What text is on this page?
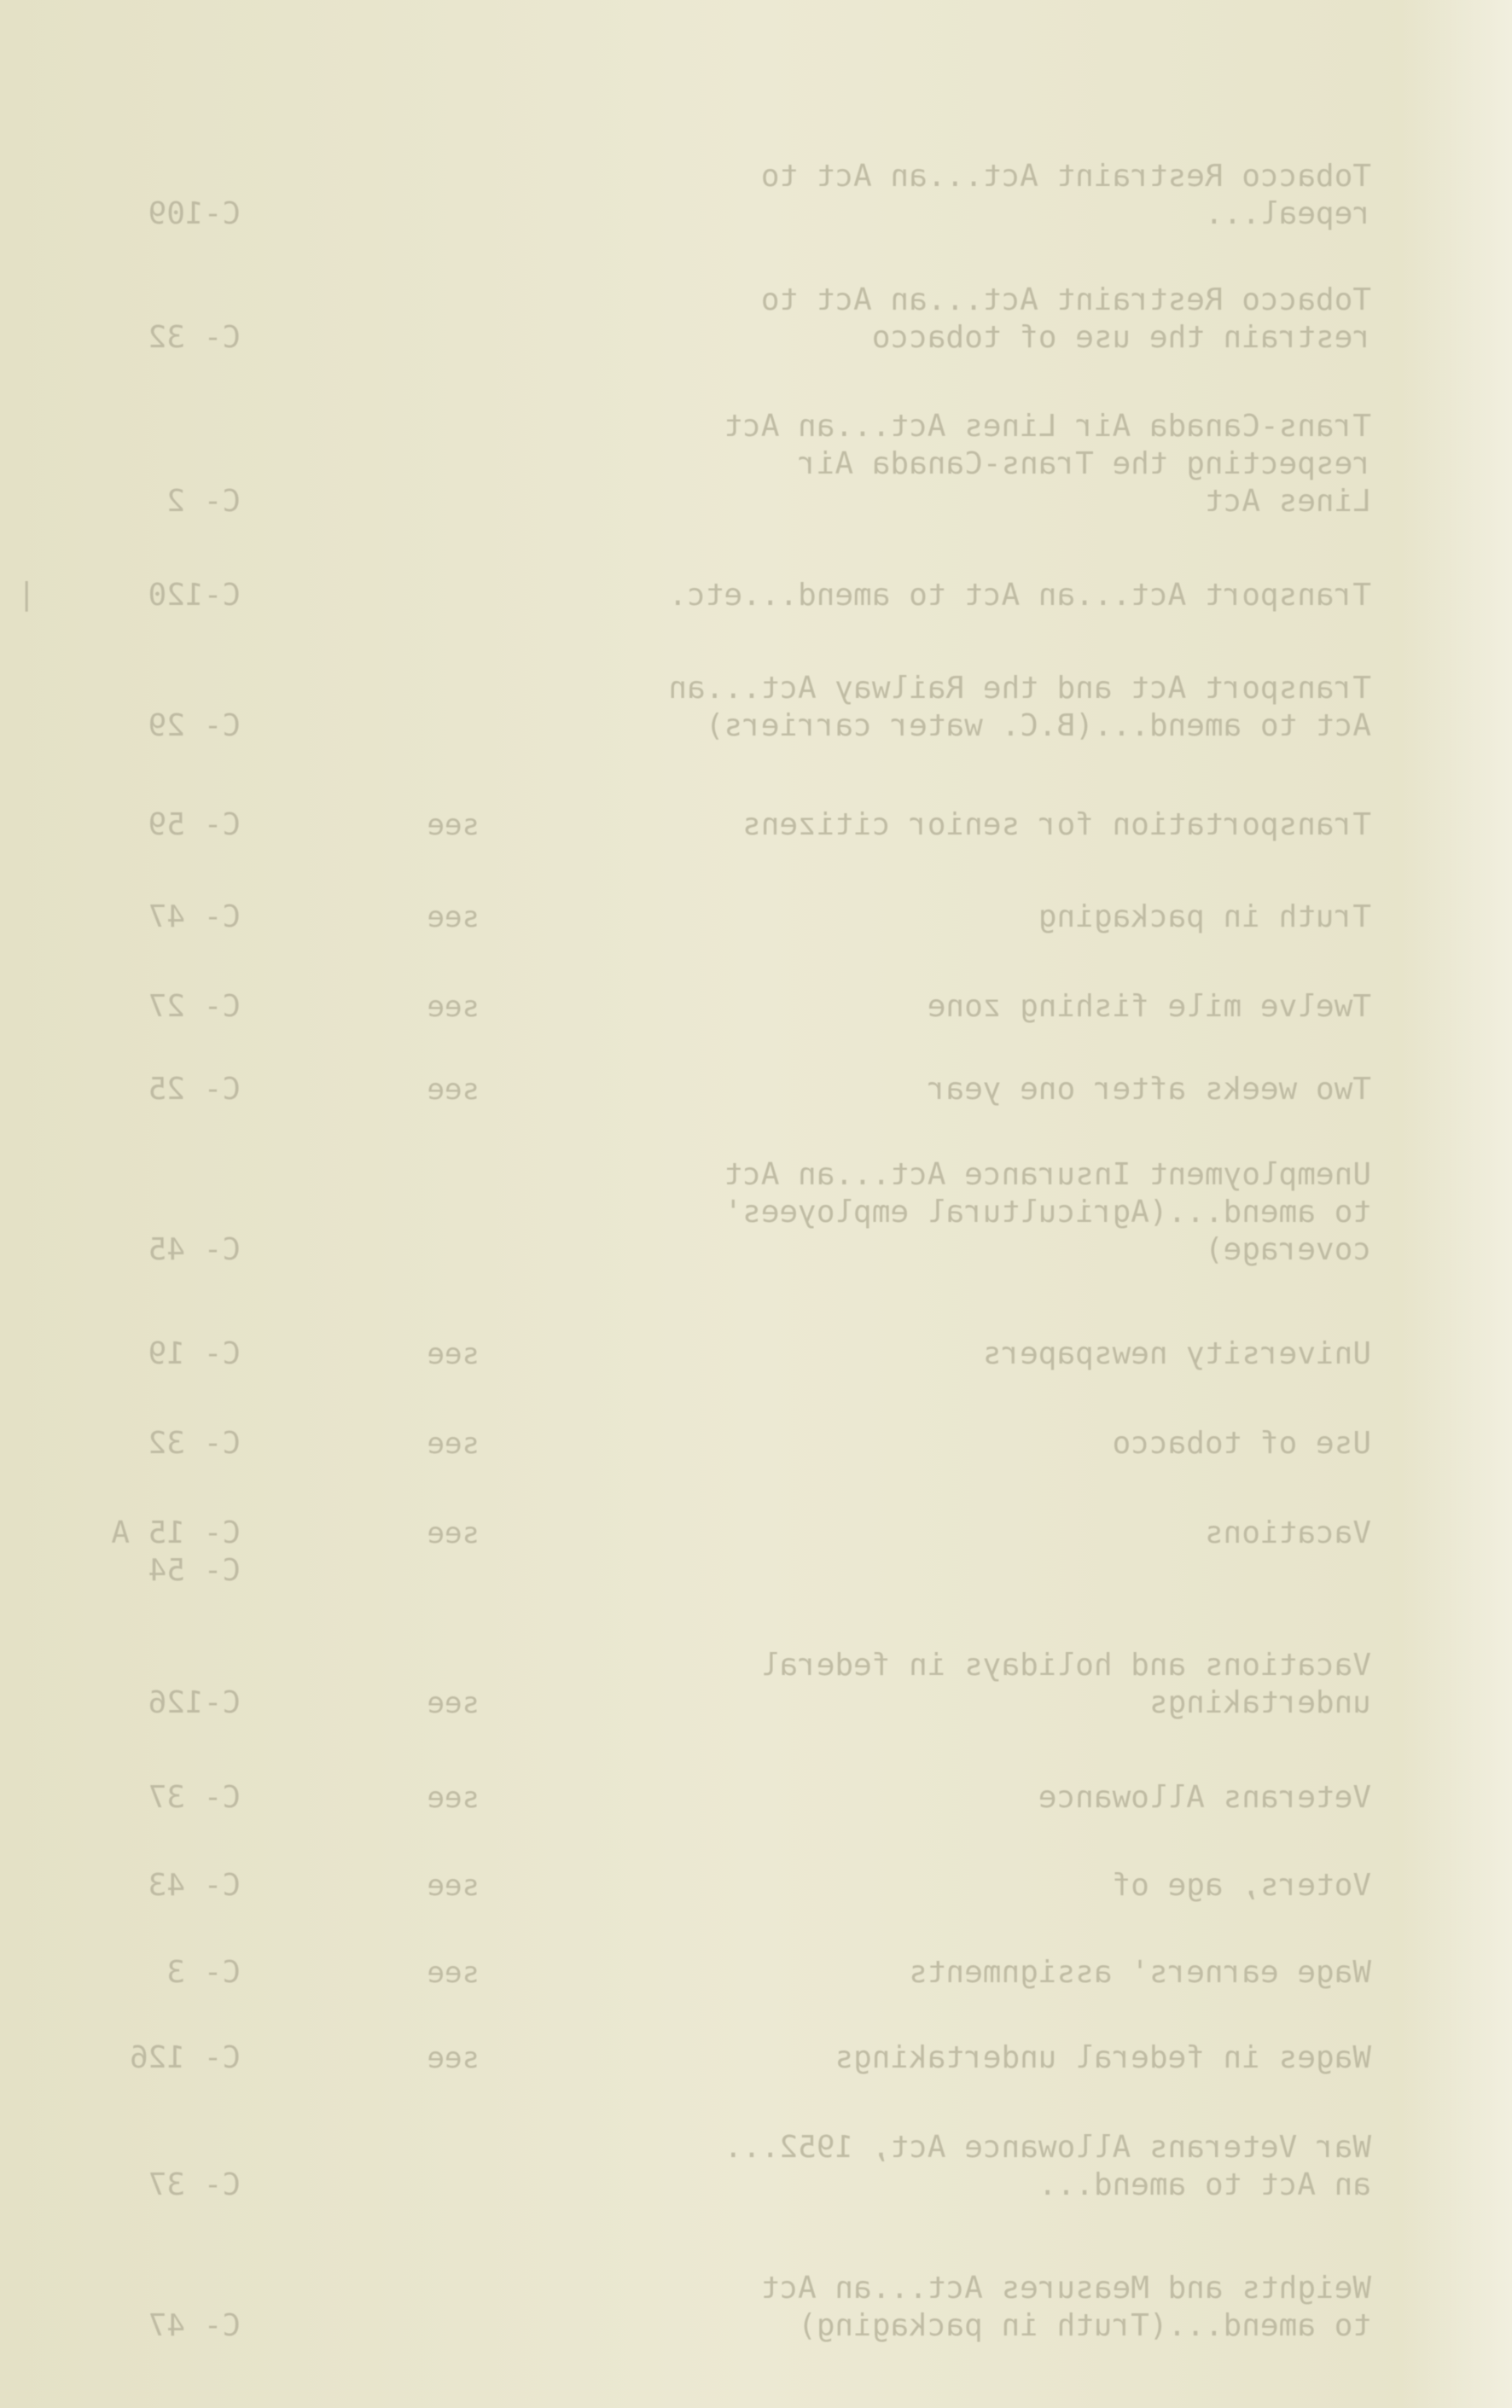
Tobacco Restraint Act...an Act to
repeal...
C-109
Tobacco Restraint Act...an Act to
restrain the use of tobacco
C- 32
Trans-Canada Air Lines Act...an Act
respecting the Trans-Canada Air
Lines Act
C- 2
Transport Act...an Act to amend...etc.
C-120
|
Transport Act and the Railway Act...an
Act to amend...(B.C. water carriers)
C- 29
Transportation for senior citizens
see
C- 59
Truth in packaging
see
C- 47
Twelve mile fishing zone
see
C- 27
Two weeks after one year
see
C- 25
Unemployment Insurance Act...an Act
to amend...(Agricultural employees'
coverage)
C- 45
University newspapers
see
C- 19
Use of tobacco
see
C- 32
Vacations
see
C- 15 A
C- 54
Vacations and holidays in federal
undertakings
see
C-126
Veterans Allowance
see
C- 37
Voters, age of
see
C- 43
Wage earners' assignments
see
C- 3
Wages in federal undertakings
see
C- 126
War Veterans Allowance Act, 1952...
an Act to amend...
C- 37
Weights and Measures Act...an Act
to amend...(Truth in packaging)
C- 47
